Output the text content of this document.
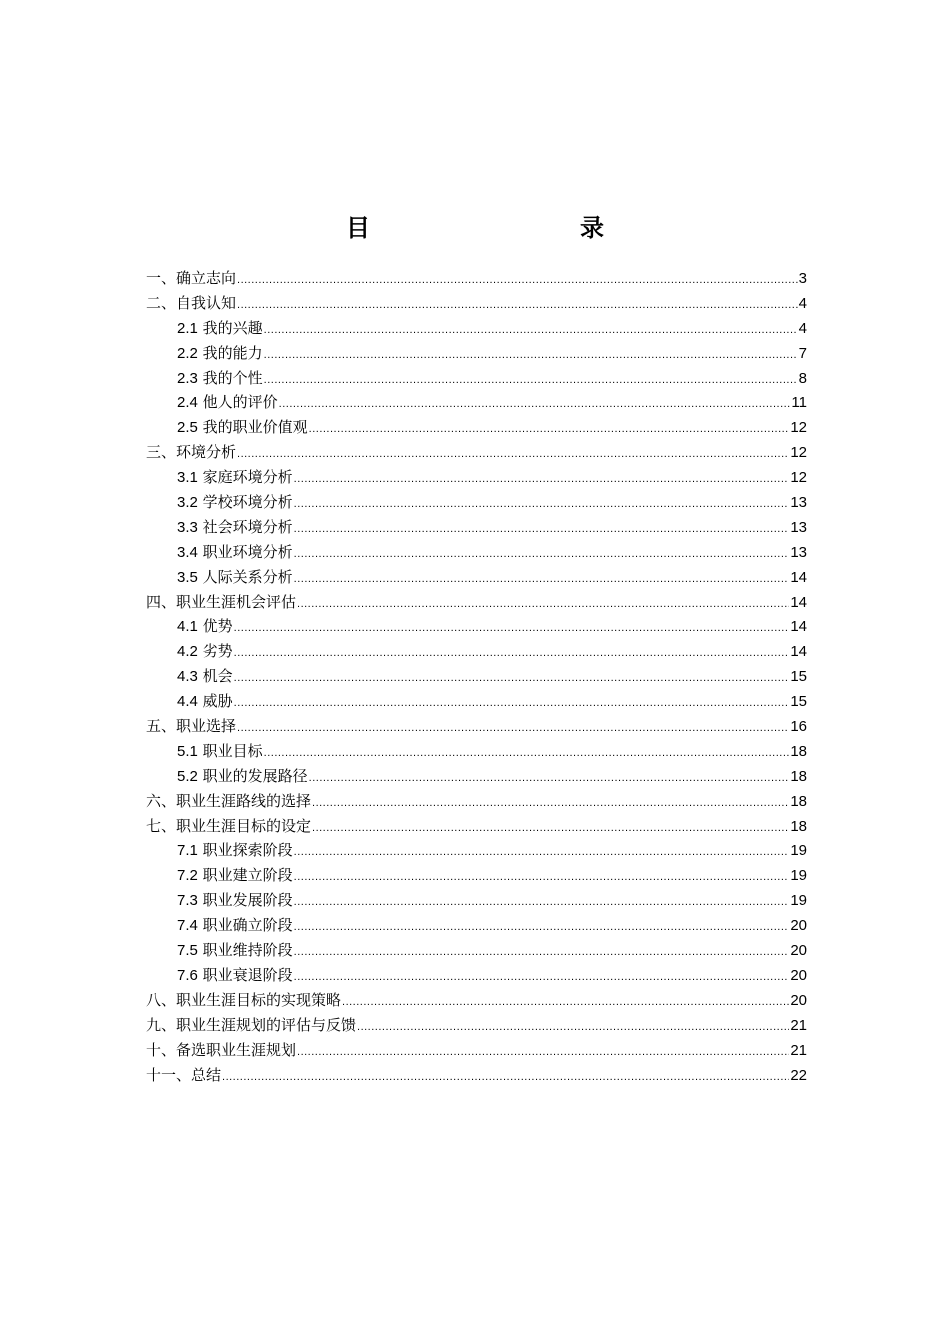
目　　录
一、确立志向 .....	3
二、自我认知 .....	4
2.1 我的兴趣 .....	4
2.2 我的能力 .....	7
2.3 我的个性 .....	8
2.4 他人的评价 .....	11
2.5 我的职业价值观 .....	12
三、环境分析 .....	12
3.1 家庭环境分析 .....	12
3.2 学校环境分析 .....	13
3.3 社会环境分析 .....	13
3.4 职业环境分析 .....	13
3.5 人际关系分析 .....	14
四、职业生涯机会评估 .....	14
4.1 优势 .....	14
4.2 劣势 .....	14
4.3 机会 .....	15
4.4 威胁 .....	15
五、职业选择 .....	16
5.1 职业目标 .....	18
5.2 职业的发展路径 .....	18
六、职业生涯路线的选择 .....	18
七、职业生涯目标的设定 .....	18
7.1 职业探索阶段 .....	19
7.2 职业建立阶段 .....	19
7.3 职业发展阶段 .....	19
7.4 职业确立阶段 .....	20
7.5 职业维持阶段 .....	20
7.6 职业衰退阶段 .....	20
八、职业生涯目标的实现策略 .....	20
九、职业生涯规划的评估与反馈 .....	21
十、备选职业生涯规划 .....	21
十一、总结 .....	22
